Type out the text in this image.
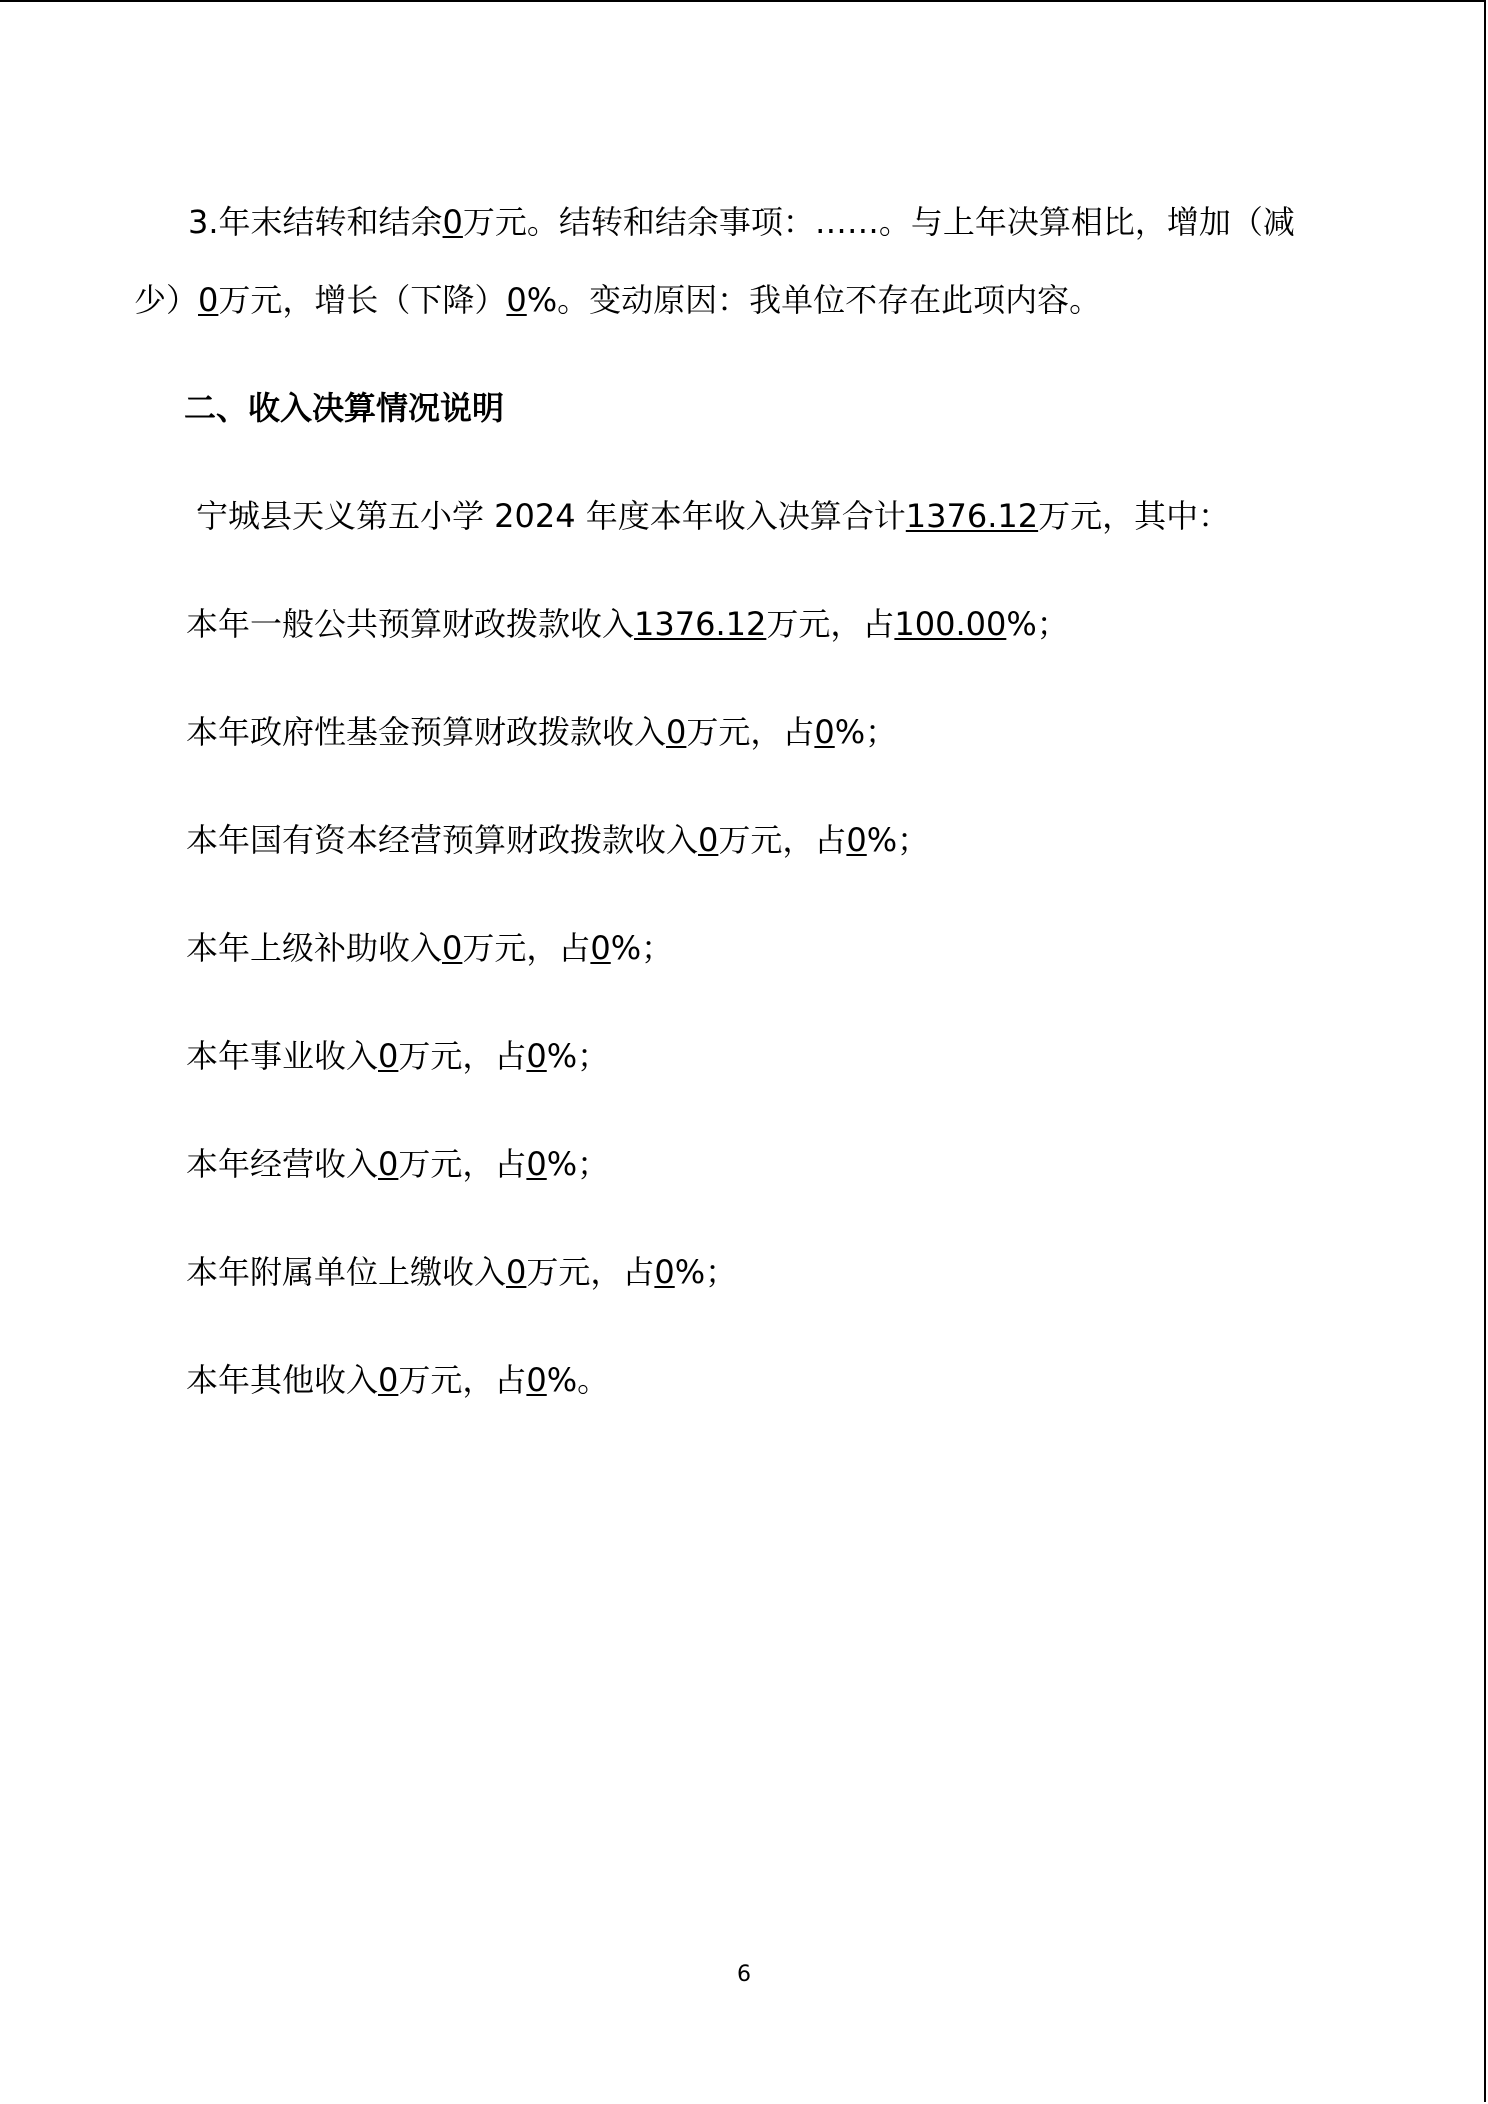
3.年末结转和结余0万元。结转和结余事项：……。与上年决算相比，增加（减
少）0万元，增长（下降）0%。变动原因：我单位不存在此项内容。
二、收入决算情况说明
宁城县天义第五小学 2024 年度本年收入决算合计1376.12万元，其中：
本年一般公共预算财政拨款收入1376.12万元，占100.00%；
本年政府性基金预算财政拨款收入0万元，占0%；
本年国有资本经营预算财政拨款收入0万元，占0%；
本年上级补助收入0万元，占0%；
本年事业收入0万元，占0%；
本年经营收入0万元，占0%；
本年附属单位上缴收入0万元，占0%；
本年其他收入0万元，占0%。
6
